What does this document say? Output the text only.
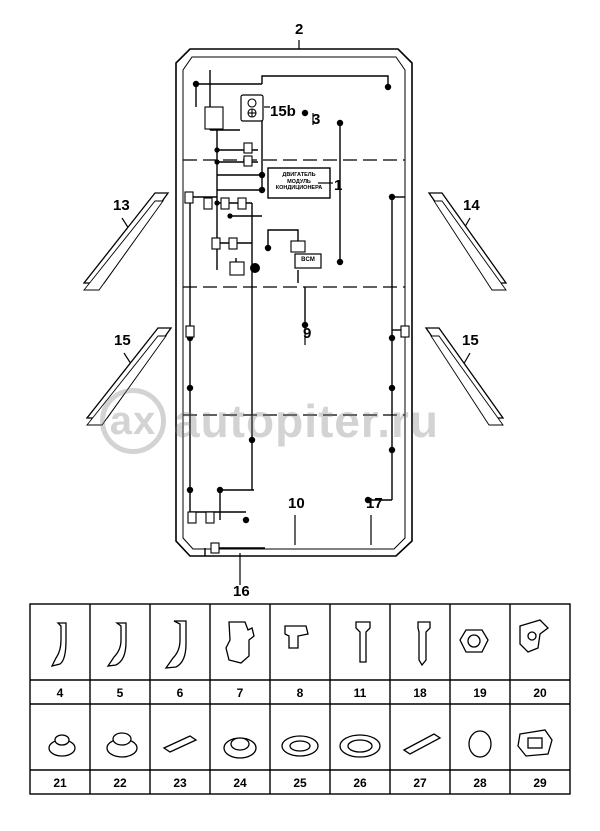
ax autopiter.ru
ДВИГАТЕЛЬ
МОДУЛЬ
КОНДИЦИОНЕРА
BCM
2
15b 3
1
13	14
15	15
9
10	17
16
4	5	6	7	8	11	18	19	20
21	22	23	24	25	26	27	28	29
